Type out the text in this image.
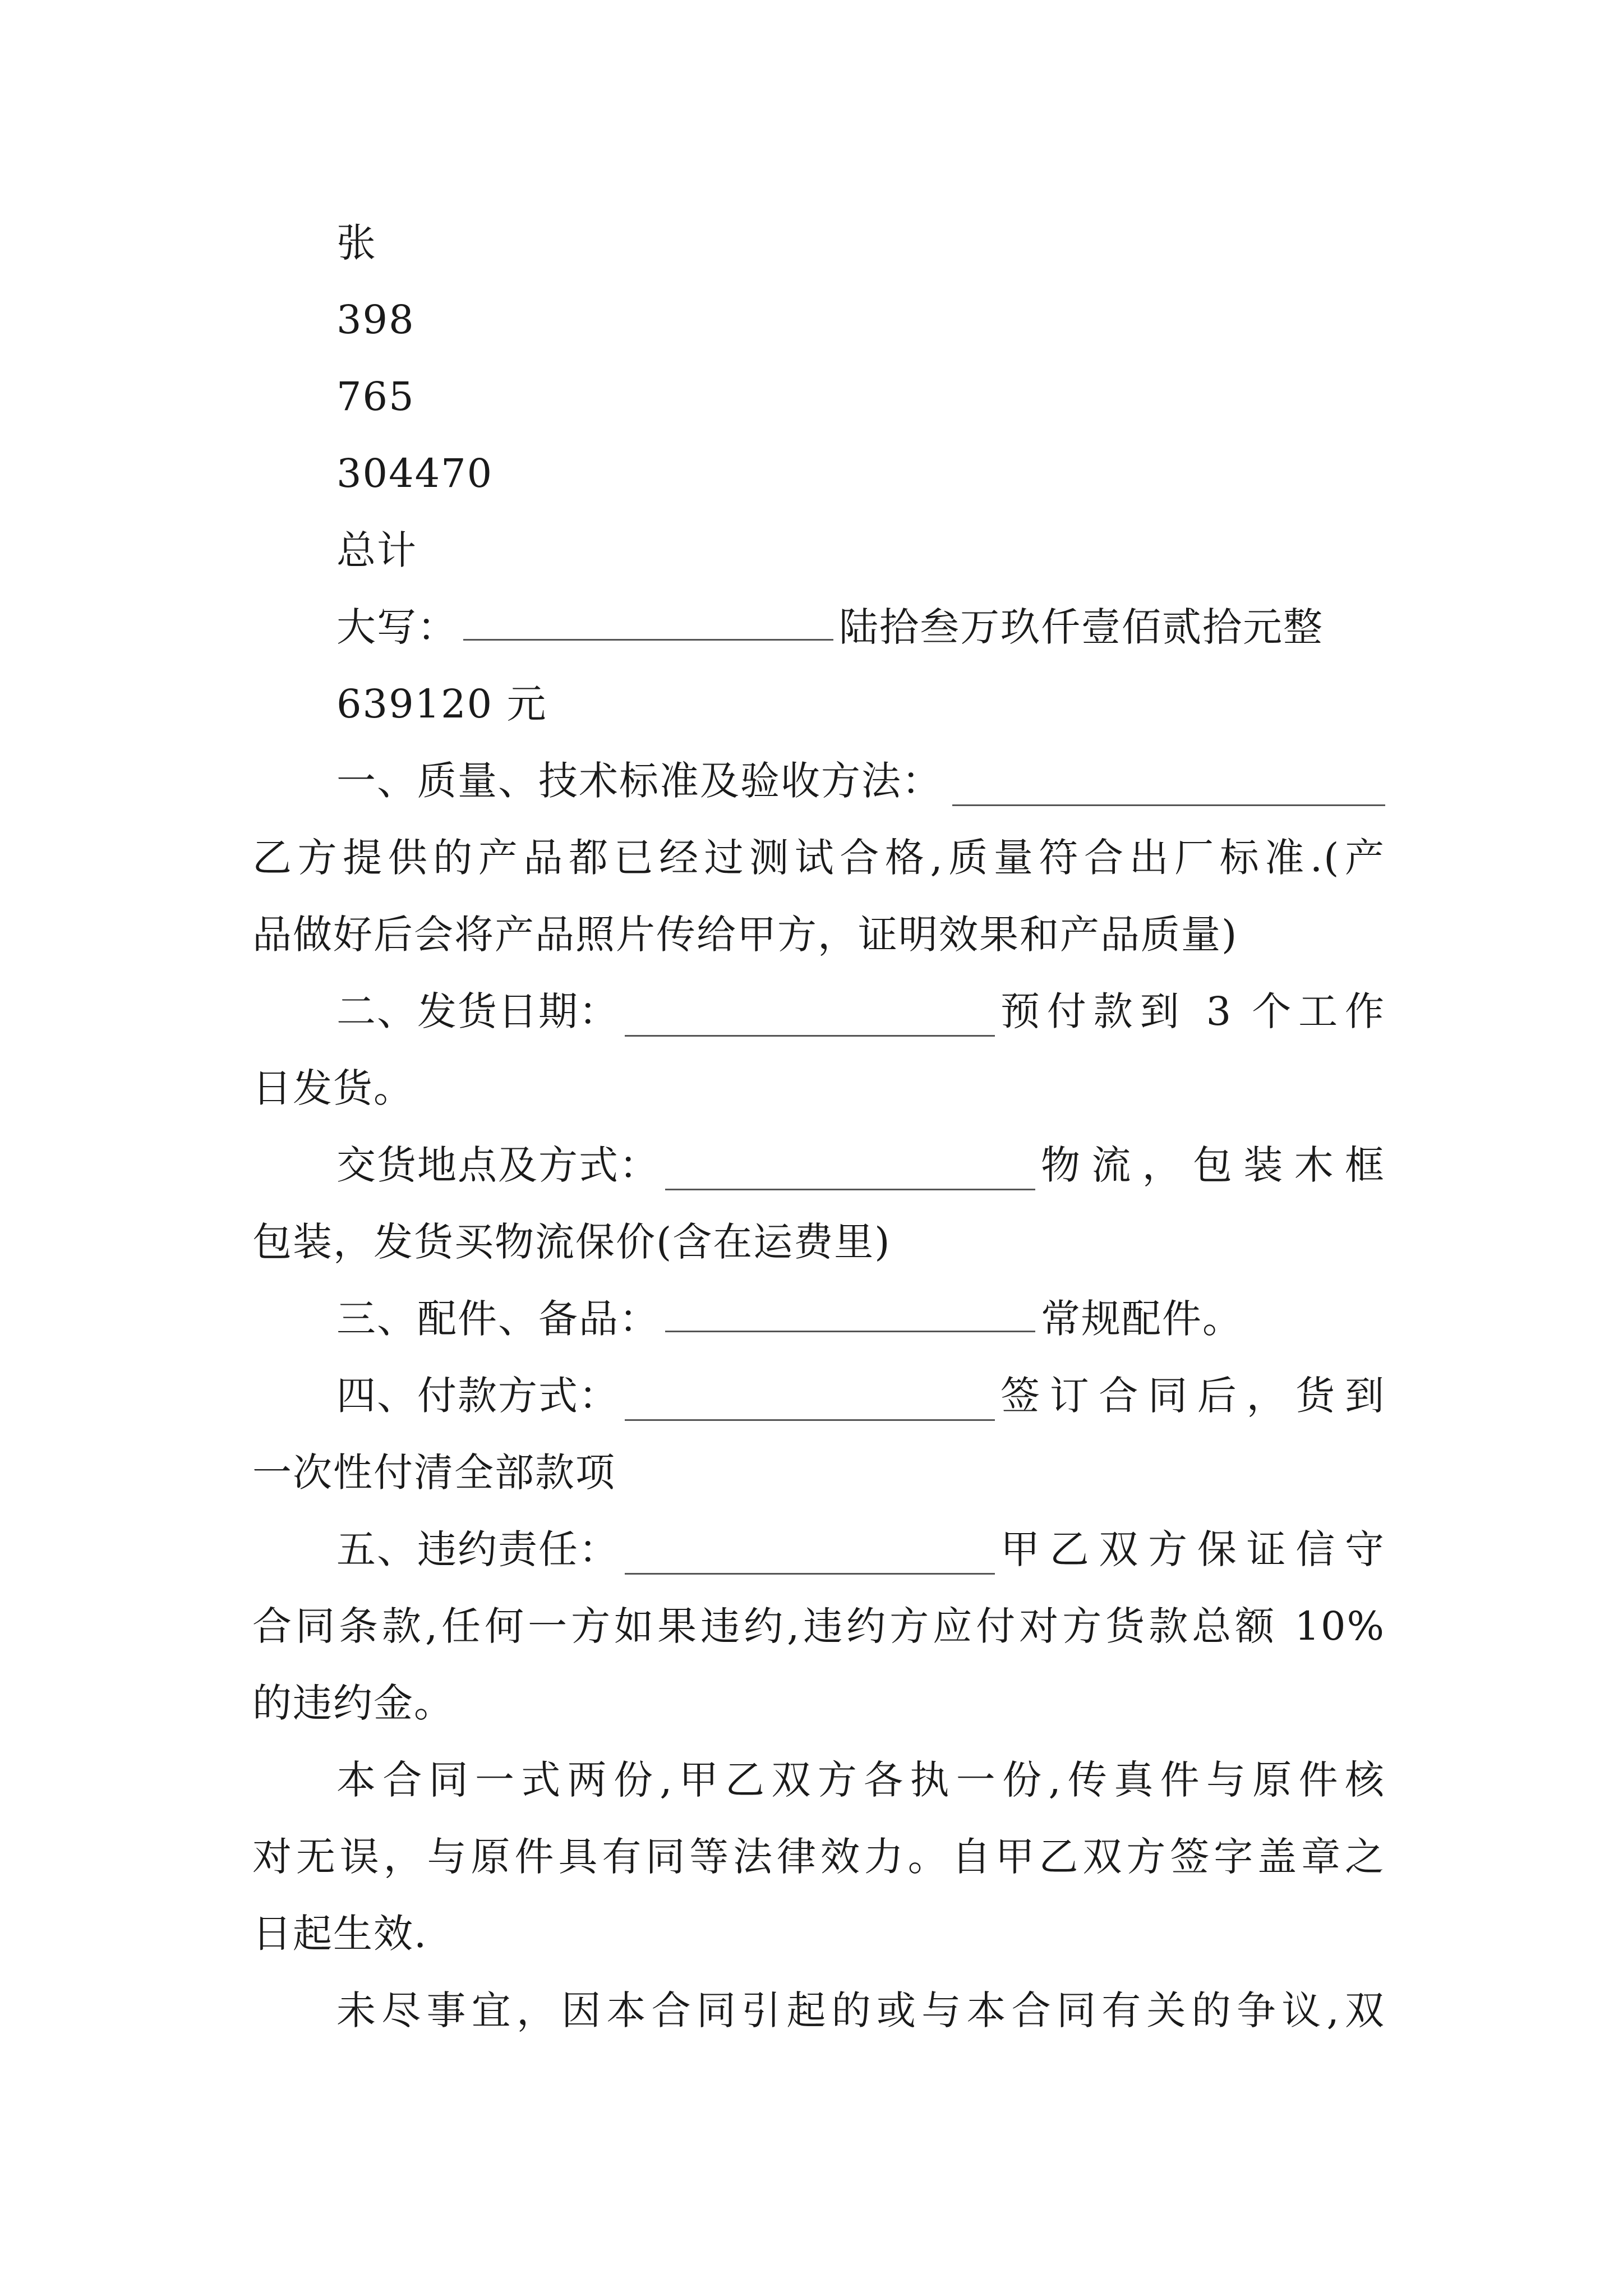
张
398
765
304470
总计
大写：	陆拾叁万玖仟壹佰贰拾元整
639120 元
一、质量、技术标准及验收方法：
乙方提供的产品都已经过测试合格,质量符合出厂标准.(产
品做好后会将产品照片传给甲方，证明效果和产品质量)
二、发货日期：	预付款到 3 个工作
日发货。
交货地点及方式：	物流，包装木框
包装，发货买物流保价(含在运费里)
三、配件、备品：	常规配件。
四、付款方式：	签订合同后，货到
一次性付清全部款项
五、违约责任：	甲乙双方保证信守
合同条款,任何一方如果违约,违约方应付对方货款总额 10%
的违约金。
本合同一式两份,甲乙双方各执一份,传真件与原件核
对无误，与原件具有同等法律效力。自甲乙双方签字盖章之
日起生效.
未尽事宜，因本合同引起的或与本合同有关的争议,双
